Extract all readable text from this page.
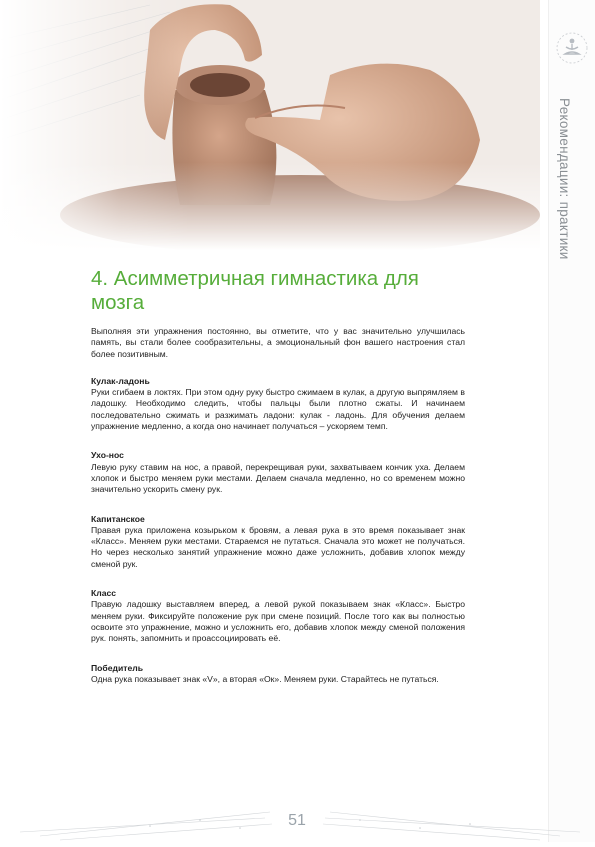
Рекомендации: практики
4. Асимметричная гимнастика для мозга

Выполняя эти упражнения постоянно, вы отметите, что у вас значительно улучшилась память, вы стали более сообразительны, а эмоциональный фон вашего настроения стал более позитивным.

Кулак-ладонь

Руки сгибаем в локтях. При этом одну руку быстро сжимаем в кулак, а другую выпрямляем в ладошку. Необходимо следить, чтобы пальцы были плотно сжаты. И начинаем последовательно сжимать и разжимать ладони: кулак - ладонь. Для обучения делаем упражнение медленно, а когда оно начинает получаться – ускоряем темп.

Ухо-нос

Левую руку ставим на нос, а правой, перекрещивая руки, захватываем кончик уха. Делаем хлопок и быстро меняем руки местами. Делаем сначала медленно, но со временем можно значительно ускорить смену рук.

Капитанское

Правая рука приложена козырьком к бровям, а левая рука в это время показывает знак «Класс». Меняем руки местами. Стараемся не путаться. Сначала это может не получаться. Но через несколько занятий упражнение можно даже усложнить, добавив хлопок между сменой рук.

Класс

Правую ладошку выставляем вперед, а левой рукой показываем знак «Класс». Быстро меняем руки. Фиксируйте положение рук при смене позиций. После того как вы полностью освоите это упражнение, можно и усложнить его, добавив хлопок между сменой положения рук. понять, запомнить и проассоциировать её.

Победитель

Одна рука показывает знак «V», а вторая «Ок». Меняем руки. Старайтесь не путаться.

51
